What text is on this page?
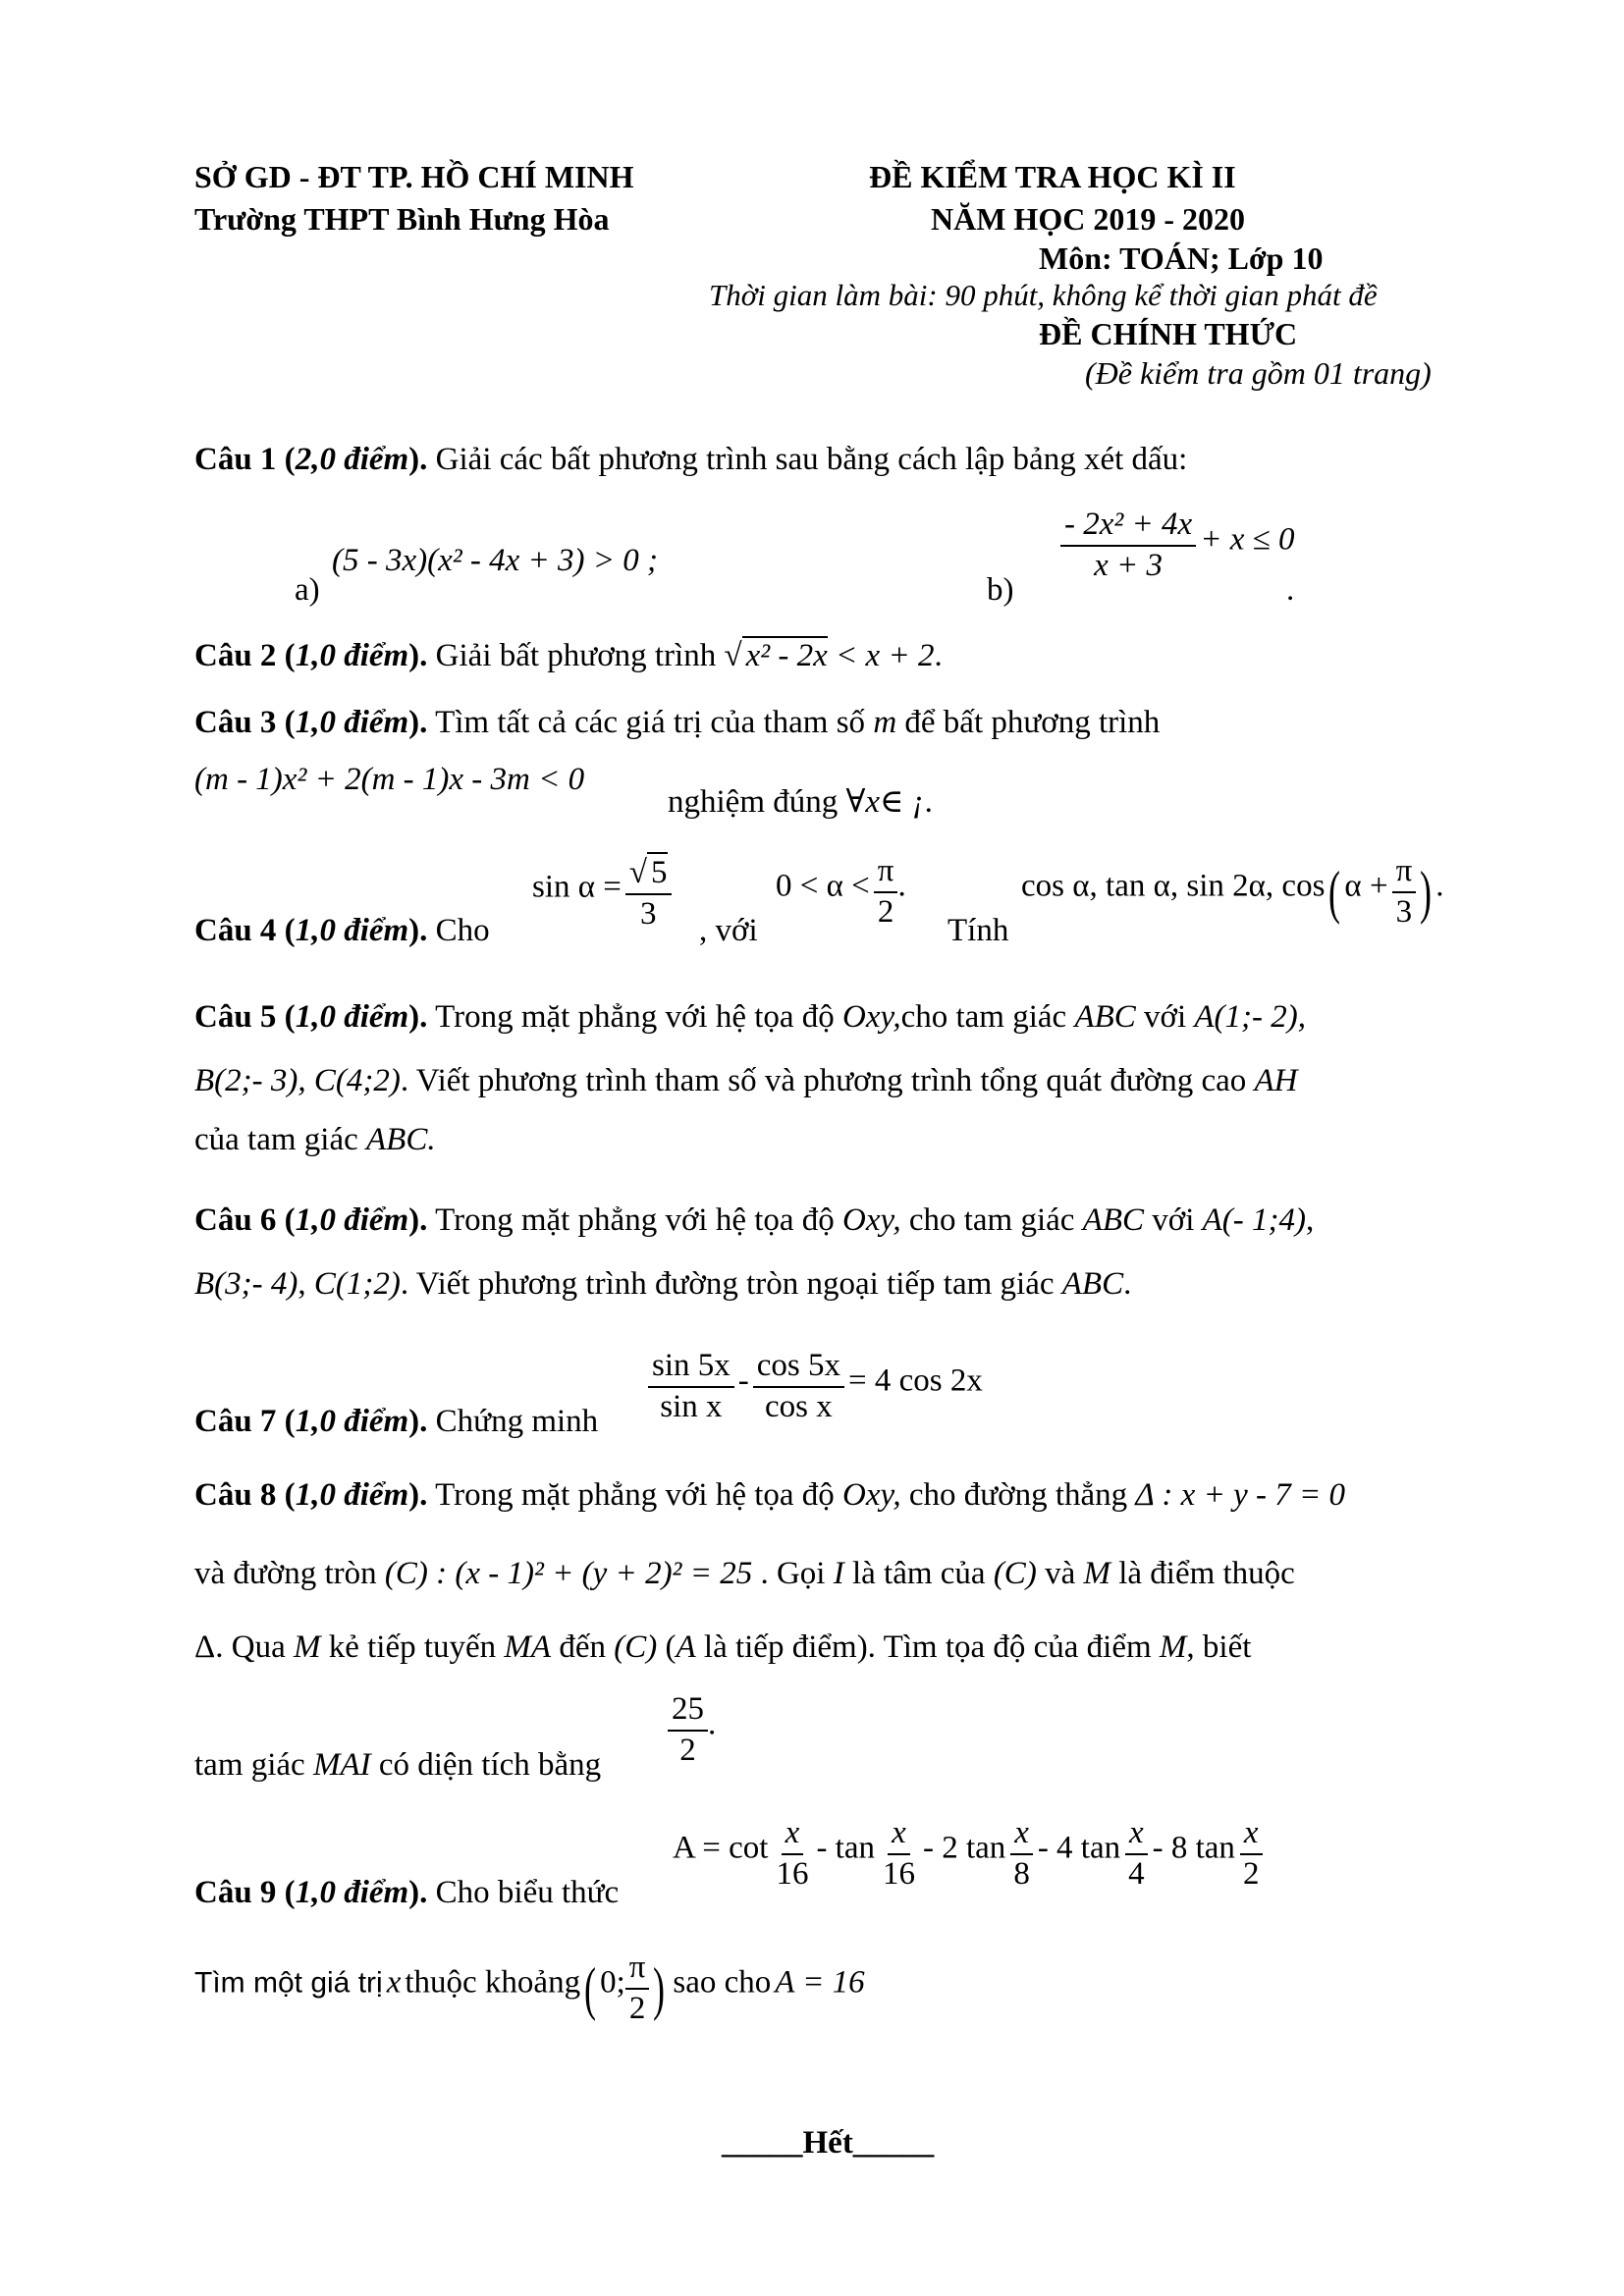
SỞ GD - ĐT TP. HỒ CHÍ MINH
Trường THPT Bình Hưng Hòa
ĐỀ KIỂM TRA HỌC KÌ II
NĂM HỌC 2019 - 2020
Môn: TOÁN; Lớp 10
Thời gian làm bài: 90 phút, không kể thời gian phát đề
ĐỀ CHÍNH THỨC
(Đề kiểm tra gồm 01 trang)
Câu 1 (2,0 điểm). Giải các bất phương trình sau bằng cách lập bảng xét dấu:
a)
(5 - 3x)(x² - 4x + 3) > 0 ;
b)
$\frac{\text{- 2x² + 4x}}{x + 3} + x \le 0$
.
Câu 2 (1,0 điểm). Giải bất phương trình √ x² - 2x < x + 2.
Câu 3 (1,0 điểm). Tìm tất cả các giá trị của tham số m để bất phương trình
(m - 1)x² + 2(m - 1)x - 3m < 0
nghiệm đúng ∀x∈ ¡.
Câu 4 (1,0 điểm). Cho
$\sin \alpha = \frac{√ 5}{3}$ , với
$0 < \alpha < \frac{\pi}{2}$ .
Tính
cos α, tan α, sin 2α, cos( $\alpha + \frac{\pi}{3}$ ) .
Câu 5 (1,0 điểm). Trong mặt phẳng với hệ tọa độ Oxy,cho tam giác ABC với A(1;- 2),
B(2;- 3), C(4;2). Viết phương trình tham số và phương trình tổng quát đường cao AH
của tam giác ABC.
Câu 6 (1,0 điểm). Trong mặt phẳng với hệ tọa độ Oxy, cho tam giác ABC với A(- 1;4),
B(3;- 4), C(1;2). Viết phương trình đường tròn ngoại tiếp tam giác ABC.
Câu 7 (1,0 điểm). Chứng minh $\frac{\sin 5x}{\text{sin x}} - \frac{\cos 5x}{\text{cos x}} = 4$ cos 2x
Câu 8 (1,0 điểm). Trong mặt phẳng với hệ tọa độ Oxy, cho đường thẳng Δ : x + y - 7 = 0
và đường tròn (C) : (x - 1)² + (y + 2)² = 25 . Gọi I là tâm của (C) và M là điểm thuộc
Δ. Qua M kẻ tiếp tuyến MA đến (C) (A là tiếp điểm). Tìm tọa độ của điểm M, biết
tam giác MAI có diện tích bằng $\frac{25}{2}$ .
Câu 9 (1,0 điểm). Cho biểu thức
$A = \cot \frac{x}{16} - \tan \frac{x}{16} - 2$ $\tan \frac{x}{8} - 4$ $\tan \frac{x}{4} - 8$ $\tan \frac{x}{2}$
Tìm một giá trị x thuộc khoảng( 0; $\frac{\pi}{2}$ ) sao cho A = 16
_____Hết_____
